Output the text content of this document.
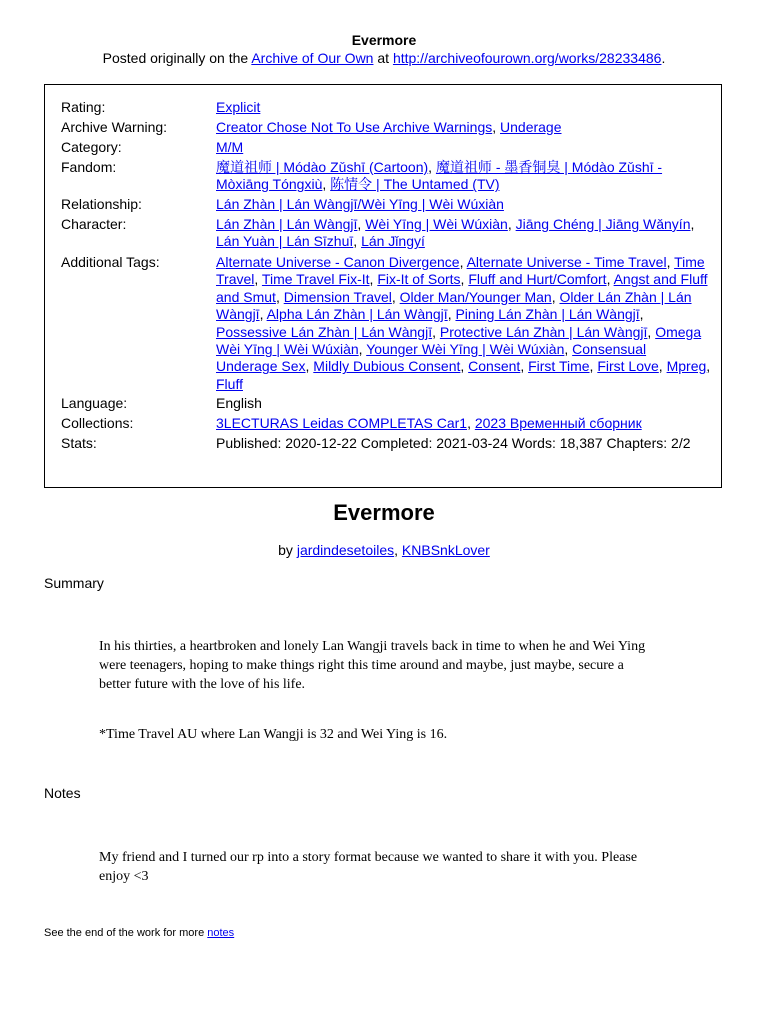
Evermore
Posted originally on the Archive of Our Own at http://archiveofourown.org/works/28233486.
Rating:	Explicit
Archive Warning:	Creator Chose Not To Use Archive Warnings, Underage
Category:	M/M
Fandom:	魔道祖师 | Módào Zǔshī (Cartoon), 魔道祖师 - 墨香铜臭 | Módào Zǔshī - Mòxiāng Tóngxiù, 陈情令 | The Untamed (TV)
Relationship:	Lán Zhàn | Lán Wàngjī/Wèi Yīng | Wèi Wúxiàn
Character:	Lán Zhàn | Lán Wàngjī, Wèi Yīng | Wèi Wúxiàn, Jiāng Chéng | Jiāng Wǎnyín, Lán Yuàn | Lán Sīzhuī, Lán Jǐngyí
Additional Tags:	Alternate Universe - Canon Divergence, Alternate Universe - Time Travel, Time Travel, Time Travel Fix-It, Fix-It of Sorts, Fluff and Hurt/Comfort, Angst and Fluff and Smut, Dimension Travel, Older Man/Younger Man, Older Lán Zhàn | Lán Wàngjī, Alpha Lán Zhàn | Lán Wàngjī, Pining Lán Zhàn | Lán Wàngjī, Possessive Lán Zhàn | Lán Wàngjī, Protective Lán Zhàn | Lán Wàngjī, Omega Wèi Yīng | Wèi Wúxiàn, Younger Wèi Yīng | Wèi Wúxiàn, Consensual Underage Sex, Mildly Dubious Consent, Consent, First Time, First Love, Mpreg, Fluff
Language:	English
Collections:	3LECTURAS Leidas COMPLETAS Car1, 2023 Временный сборник
Stats:	Published: 2020-12-22 Completed: 2021-03-24 Words: 18,387 Chapters: 2/2
Evermore
by jardindesetoiles, KNBSnkLover
Summary

In his thirties, a heartbroken and lonely Lan Wangji travels back in time to when he and Wei Ying were teenagers, hoping to make things right this time around and maybe, just maybe, secure a better future with the love of his life.

*Time Travel AU where Lan Wangji is 32 and Wei Ying is 16.

Notes

My friend and I turned our rp into a story format because we wanted to share it with you. Please enjoy <3

See the end of the work for more notes
